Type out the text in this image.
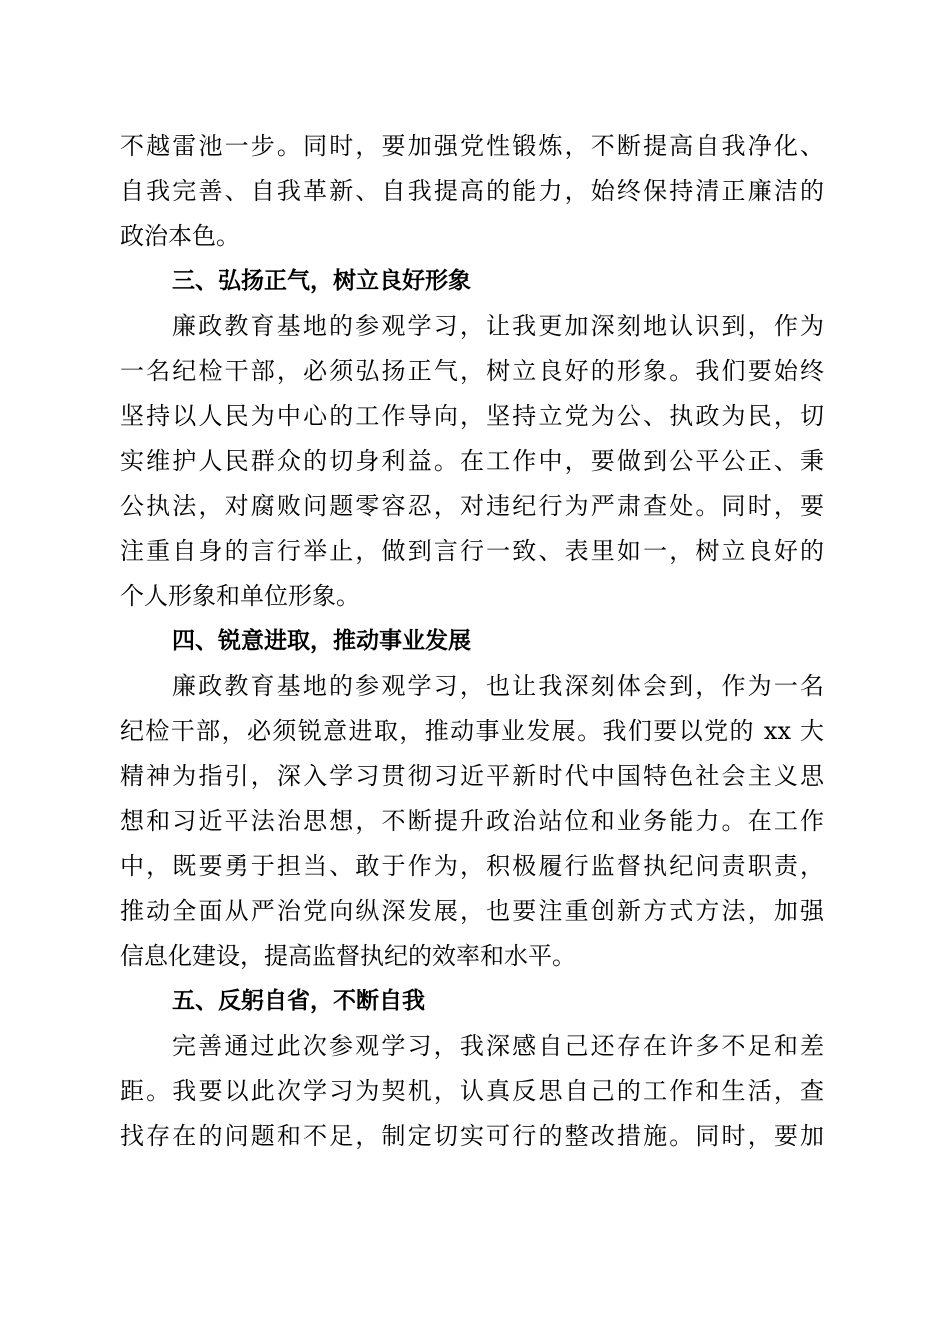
不越雷池一步。同时，要加强党性锻炼，不断提高自我净化、
自我完善、自我革新、自我提高的能力，始终保持清正廉洁的
政治本色。
三、弘扬正气，树立良好形象
廉政教育基地的参观学习，让我更加深刻地认识到，作为
一名纪检干部，必须弘扬正气，树立良好的形象。我们要始终
坚持以人民为中心的工作导向，坚持立党为公、执政为民，切
实维护人民群众的切身利益。在工作中，要做到公平公正、秉
公执法，对腐败问题零容忍，对违纪行为严肃查处。同时，要
注重自身的言行举止，做到言行一致、表里如一，树立良好的
个人形象和单位形象。
四、锐意进取，推动事业发展
廉政教育基地的参观学习，也让我深刻体会到，作为一名
纪检干部，必须锐意进取，推动事业发展。我们要以党的 xx 大
精神为指引，深入学习贯彻习近平新时代中国特色社会主义思
想和习近平法治思想，不断提升政治站位和业务能力。在工作
中，既要勇于担当、敢于作为，积极履行监督执纪问责职责，
推动全面从严治党向纵深发展，也要注重创新方式方法，加强
信息化建设，提高监督执纪的效率和水平。
五、反躬自省，不断自我
完善通过此次参观学习，我深感自己还存在许多不足和差
距。我要以此次学习为契机，认真反思自己的工作和生活，查
找存在的问题和不足，制定切实可行的整改措施。同时，要加
